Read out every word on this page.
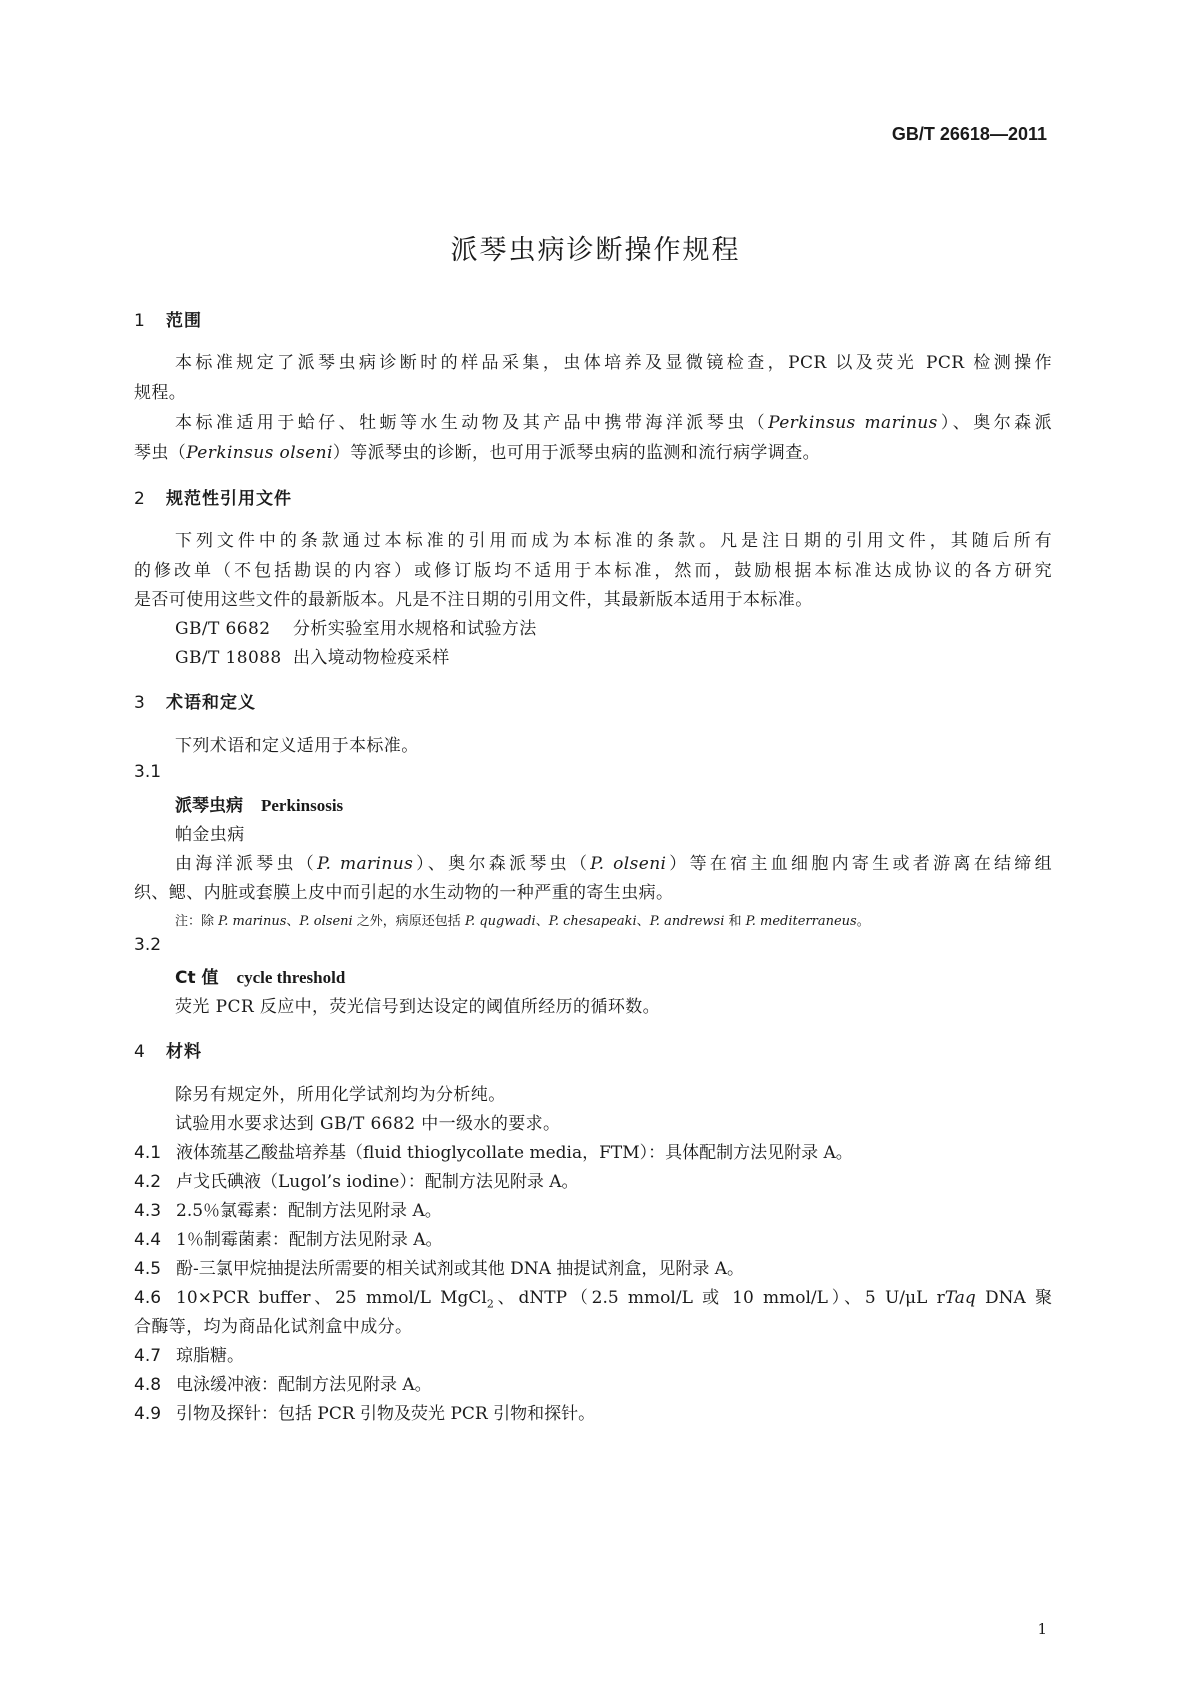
GB/T 26618—2011
派琴虫病诊断操作规程
1 范围
本标准规定了派琴虫病诊断时的样品采集，虫体培养及显微镜检查，PCR 以及荧光 PCR 检测操作
规程。
本标准适用于蛤仔、牡蛎等水生动物及其产品中携带海洋派琴虫（Perkinsus marinus）、奥尔森派
琴虫（Perkinsus olseni）等派琴虫的诊断，也可用于派琴虫病的监测和流行病学调查。
2 规范性引用文件
下列文件中的条款通过本标准的引用而成为本标准的条款。凡是注日期的引用文件，其随后所有
的修改单（不包括勘误的内容）或修订版均不适用于本标准，然而，鼓励根据本标准达成协议的各方研究
是否可使用这些文件的最新版本。凡是不注日期的引用文件，其最新版本适用于本标准。
GB/T 6682 分析实验室用水规格和试验方法
GB/T 18088 出入境动物检疫采样
3 术语和定义
下列术语和定义适用于本标准。
3.1
派琴虫病 Perkinsosis
帕金虫病
由海洋派琴虫（P. marinus）、奥尔森派琴虫（P. olseni）等在宿主血细胞内寄生或者游离在结缔组
织、鳃、内脏或套膜上皮中而引起的水生动物的一种严重的寄生虫病。
注：除 P. marinus、P. olseni 之外，病原还包括 P. qugwadi、P. chesapeaki、P. andrewsi 和 P. mediterraneus。
3.2
Ct 值 cycle threshold
荧光 PCR 反应中，荧光信号到达设定的阈值所经历的循环数。
4 材料
除另有规定外，所用化学试剂均为分析纯。
试验用水要求达到 GB/T 6682 中一级水的要求。
4.1 液体巯基乙酸盐培养基（fluid thioglycollate media，FTM）：具体配制方法见附录 A。
4.2 卢戈氏碘液（Lugol’s iodine）：配制方法见附录 A。
4.3 2.5％氯霉素：配制方法见附录 A。
4.4 1％制霉菌素：配制方法见附录 A。
4.5 酚-三氯甲烷抽提法所需要的相关试剂或其他 DNA 抽提试剂盒，见附录 A。
4.6 10×PCR buffer、25 mmol/L MgCl$_2$、dNTP（2.5 mmol/L 或 10 mmol/L）、5 U/μL rTaq DNA 聚
合酶等，均为商品化试剂盒中成分。
4.7 琼脂糖。
4.8 电泳缓冲液：配制方法见附录 A。
4.9 引物及探针：包括 PCR 引物及荧光 PCR 引物和探针。
1
